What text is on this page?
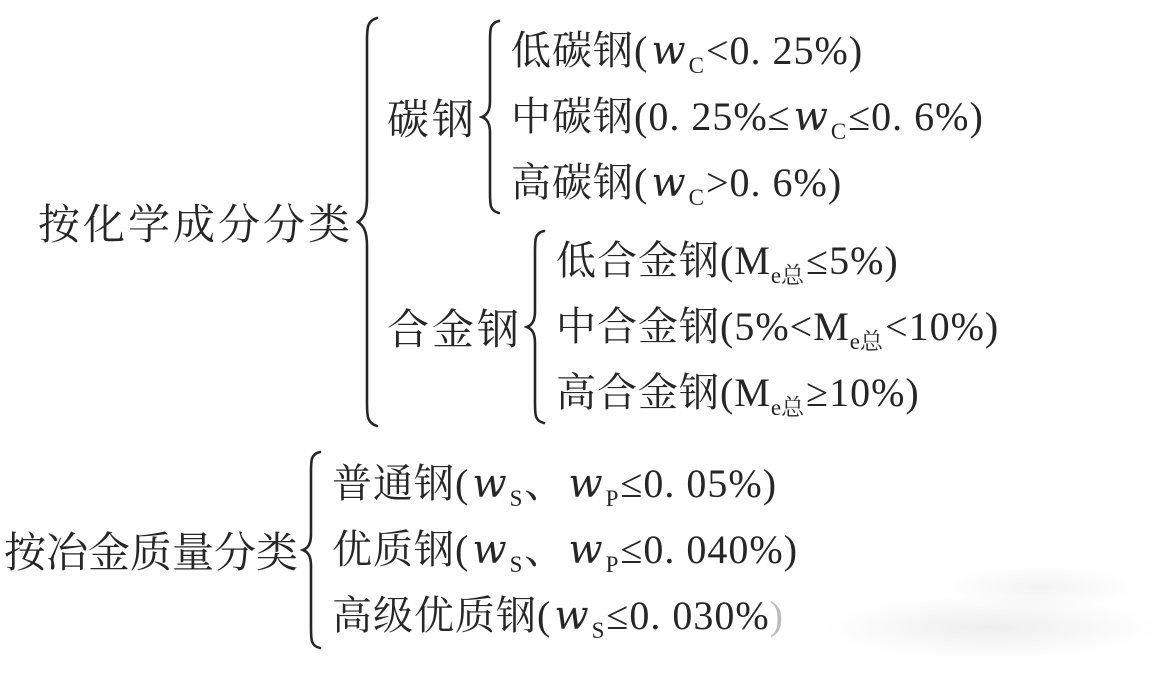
按化学成分分类
碳钢
低碳钢($w_C<0$. 25%)
中碳钢(0. $25\%\le w_C\le 0$. 6%)
高碳钢($w_C>0$. 6%)
合金钢
低合金钢$(M_{e总}\le 5\%)$
中合金钢$(5\%<M_{e总}<10\%)$
高合金钢$(M_{e总}\ge 10\%)$
按冶金质量分类
普通钢($w_S$、$w_P\le 0$. 05%)
优质钢($w_S$、$w_P\le 0$. 040%)
高级优质钢($w_S\le 0$. 030%)
